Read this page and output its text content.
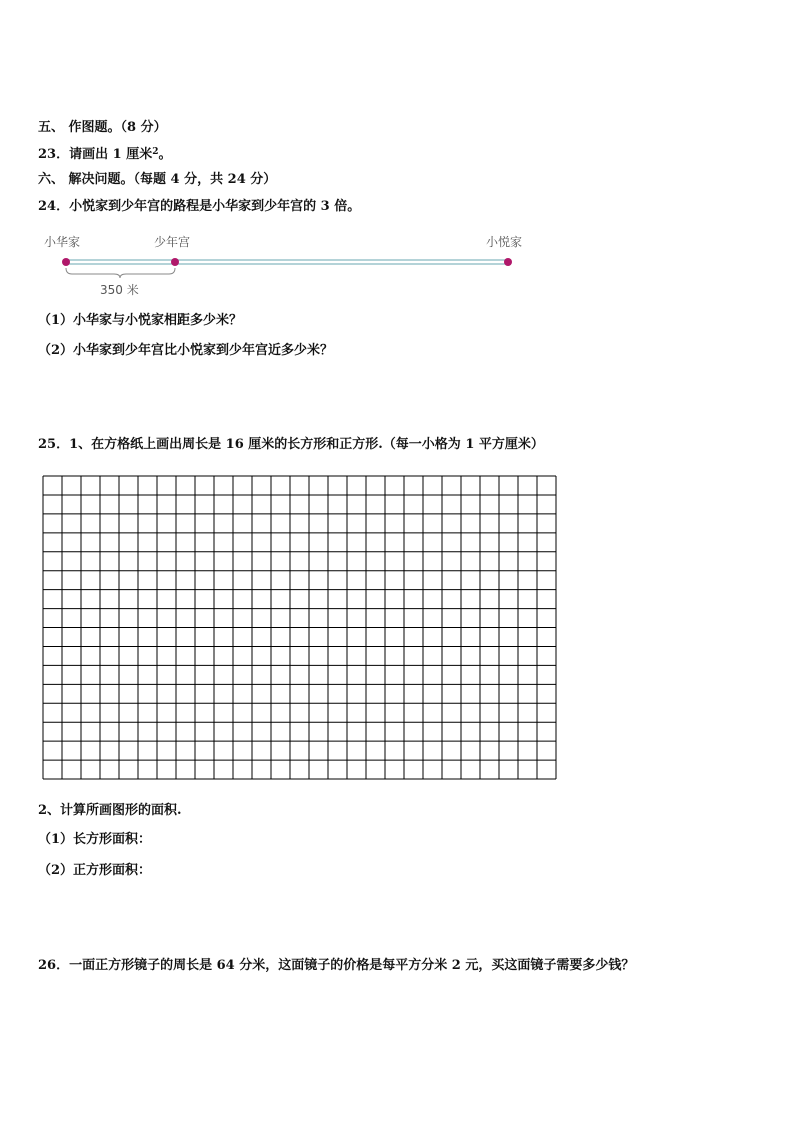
五、 作图题。（8 分）
23．请画出 1 厘米$^2$。
六、 解决问题。（每题 4 分，共 24 分）
24．小悦家到少年宫的路程是小华家到少年宫的 3 倍。
小华家	少年宫	小悦家
350 米
（1）小华家与小悦家相距多少米？
（2）小华家到少年宫比小悦家到少年宫近多少米？
25．1、在方格纸上画出周长是 16 厘米的长方形和正方形.（每一小格为 1 平方厘米）
2、计算所画图形的面积.
（1）长方形面积：
（2）正方形面积：
26．一面正方形镜子的周长是 64 分米，这面镜子的价格是每平方分米 2 元，买这面镜子需要多少钱？
